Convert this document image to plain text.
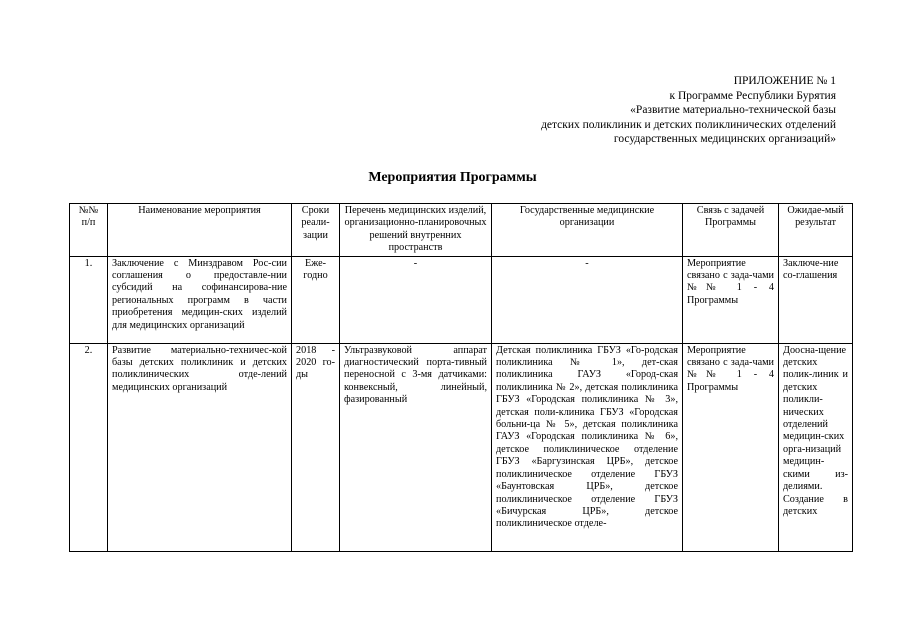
ПРИЛОЖЕНИЕ № 1
к Программе Республики Бурятия
«Развитие материально-технической базы
детских поликлиник и детских поликлинических отделений
государственных медицинских организаций»
Мероприятия Программы
№№ п/п	Наименование мероприятия	Сроки реали-зации	Перечень медицинских изделий, организационно-планировочных решений внутренних пространств	Государственные медицинские организации	Связь с задачей Программы	Ожидае-мый результат
1.	Заключение с Минздравом Рос-сии соглашения о предоставле-нии субсидий на софинансирова-ние региональных программ в части приобретения медицин-ских изделий для медицинских организаций	Еже-годно	-	-	Мероприятие связано с зада-чами №№ 1 - 4 Программы	Заключе-ние со-глашения
2.	Развитие материально-техничес-кой базы детских поликлиник и детских поликлинических отде-лений медицинских организаций	2018 - 2020 го-ды	Ультразвуковой аппарат диагностический порта-тивный переносной с 3-мя датчиками: конвексный, линейный, фазированный	Детская поликлиника ГБУЗ «Го-родская поликлиника № 1», дет-ская поликлиника ГАУЗ «Город-ская поликлиника № 2», детская поликлиника ГБУЗ «Городская поликлиника № 3», детская поли-клиника ГБУЗ «Городская больни-ца № 5», детская поликлиника ГАУЗ «Городская поликлиника № 6», детское поликлиническое отделение ГБУЗ «Баргузинская ЦРБ», детское поликлиническое отделение ГБУЗ «Баунтовская ЦРБ», детское поликлиническое отделение ГБУЗ «Бичурская ЦРБ», детское поликлиническое отделе-	Мероприятие связано с зада-чами №№ 1 - 4 Программы	Доосна-щение детских полик-линик и детских поликли-нических отделений медицин-ских орга-низаций медицин-скими из-делиями. Создание в детских
